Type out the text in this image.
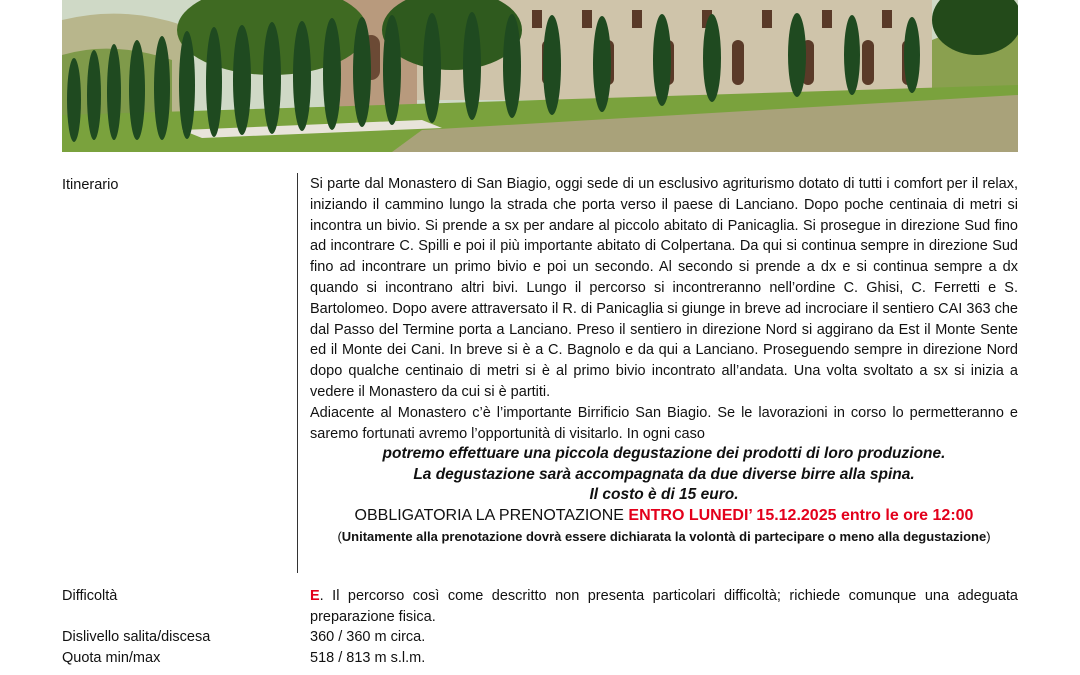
Itinerario	Si parte dal Monastero di San Biagio, oggi sede di un esclusivo agriturismo dotato di tutti i comfort per il relax, iniziando il cammino lungo la strada che porta verso il paese di Lanciano. Dopo poche centinaia di metri si incontra un bivio. Si prende a sx per andare al piccolo abitato di Panicaglia. Si prosegue in direzione Sud fino ad incontrare C. Spilli e poi il più importante abitato di Colpertana. Da qui si continua sempre in direzione Sud fino ad incontrare un primo bivio e poi un secondo. Al secondo si prende a dx e si continua sempre a dx quando si incontrano altri bivi. Lungo il percorso si incontreranno nell’ordine C. Ghisi, C. Ferretti e S. Bartolomeo. Dopo avere attraversato il R. di Panicaglia si giunge in breve ad incrociare il sentiero CAI 363 che dal Passo del Termine porta a Lanciano. Preso il sentiero in direzione Nord si aggirano da Est il Monte Sente ed il Monte dei Cani. In breve si è a C. Bagnolo e da qui a Lanciano. Proseguendo sempre in direzione Nord dopo qualche centinaio di metri si è al primo bivio incontrato all’andata. Una volta svoltato a sx si inizia a vedere il Monastero da cui si è partiti.

Adiacente al Monastero c’è l’importante Birrificio San Biagio. Se le lavorazioni in corso lo permetteranno e saremo fortunati avremo l’opportunità di visitarlo. In ogni caso

potremo effettuare una piccola degustazione dei prodotti di loro produzione.

La degustazione sarà accompagnata da due diverse birre alla spina.

Il costo è di 15 euro.

OBBLIGATORIA LA PRENOTAZIONE ENTRO LUNEDI’ 15.12.2025 entro le ore 12:00

(Unitamente alla prenotazione dovrà essere dichiarata la volontà di partecipare o meno alla degustazione)

Difficoltà	E. Il percorso così come descritto non presenta particolari difficoltà; richiede comunque una adeguata preparazione fisica.

Dislivello salita/discesa	360 / 360 m circa.
Quota min/max	518 / 813 m s.l.m.
